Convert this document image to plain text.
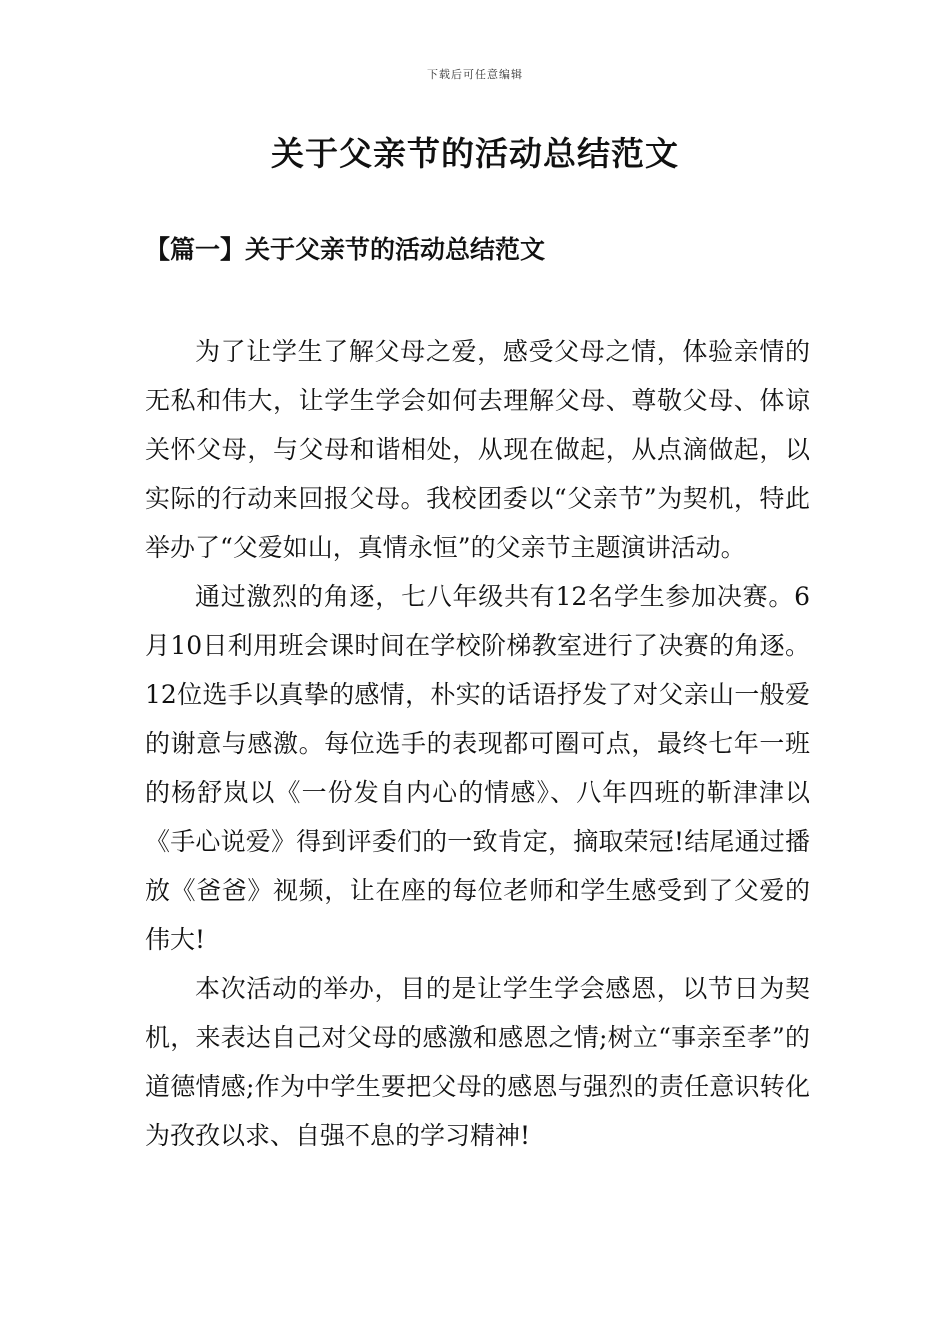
下载后可任意编辑
关于父亲节的活动总结范文
【篇一】关于父亲节的活动总结范文

为了让学生了解父母之爱，感受父母之情，体验亲情的无私和伟大，让学生学会如何去理解父母、尊敬父母、体谅关怀父母，与父母和谐相处，从现在做起，从点滴做起，以实际的行动来回报父母。我校团委以“父亲节”为契机，特此举办了“父爱如山，真情永恒”的父亲节主题演讲活动。

通过激烈的角逐，七八年级共有12名学生参加决赛。6月10日利用班会课时间在学校阶梯教室进行了决赛的角逐。12位选手以真挚的感情，朴实的话语抒发了对父亲山一般爱的谢意与感激。每位选手的表现都可圈可点，最终七年一班的杨舒岚以《一份发自内心的情感》、八年四班的靳津津以《手心说爱》得到评委们的一致肯定，摘取荣冠!结尾通过播放《爸爸》视频，让在座的每位老师和学生感受到了父爱的伟大!

本次活动的举办，目的是让学生学会感恩，以节日为契机，来表达自己对父母的感激和感恩之情;树立“事亲至孝”的道德情感;作为中学生要把父母的感恩与强烈的责任意识转化为孜孜以求、自强不息的学习精神!
